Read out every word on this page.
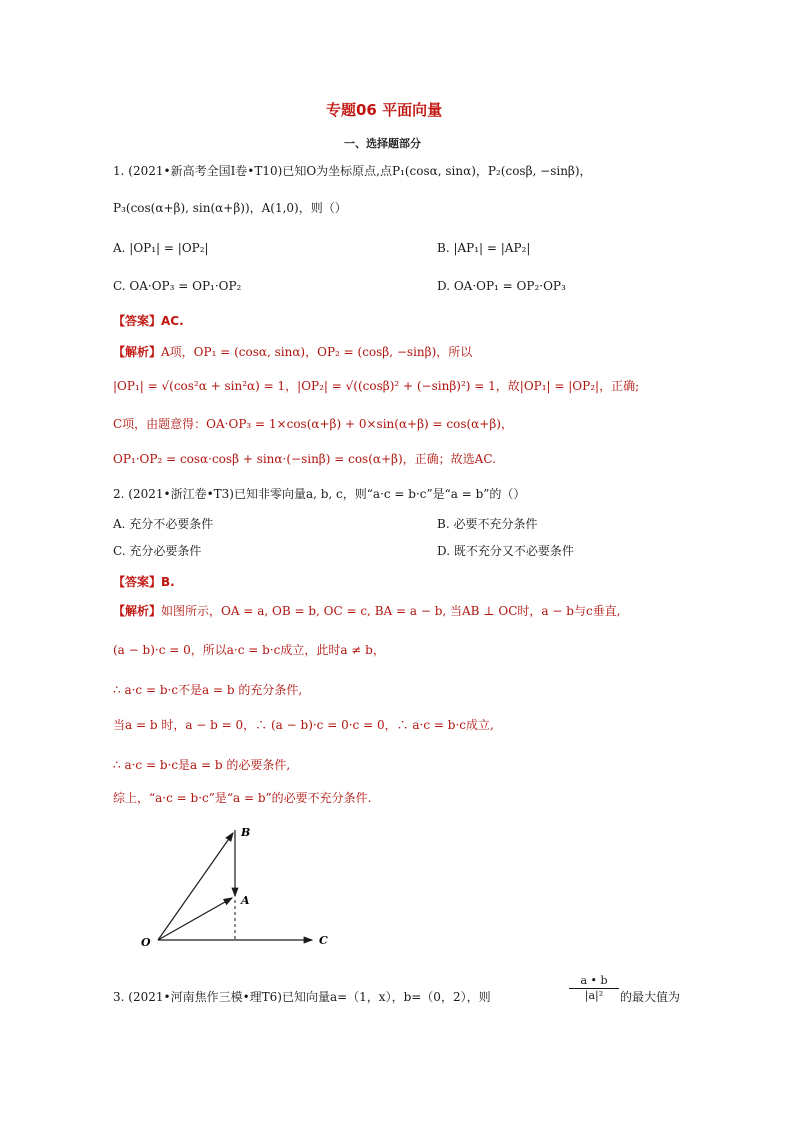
专题06 平面向量
一、选择题部分
1. (2021•新高考全国Ⅰ卷•T10)已知O为坐标原点,点P₁(cosα, sinα)，P₂(cosβ, −sinβ)，
P₃(cos(α+β), sin(α+β))，A(1,0)，则（）
A. |OP₁| = |OP₂|	B. |AP₁| = |AP₂|
C. OA·OP₃ = OP₁·OP₂	D. OA·OP₁ = OP₂·OP₃
【答案】AC.
【解析】A项，OP₁ = (cosα, sinα)，OP₂ = (cosβ, −sinβ)，所以
|OP₁| = √(cos²α + sin²α) = 1，|OP₂| = √((cosβ)² + (−sinβ)²) = 1，故|OP₁| = |OP₂|，正确;
C项，由题意得：OA·OP₃ = 1×cos(α+β) + 0×sin(α+β) = cos(α+β)，
OP₁·OP₂ = cosα·cosβ + sinα·(−sinβ) = cos(α+β)，正确；故选AC.
2. (2021•浙江卷•T3)已知非零向量a, b, c，则“a·c = b·c”是“a = b”的（）
A. 充分不必要条件	B. 必要不充分条件
C. 充分必要条件	D. 既不充分又不必要条件
【答案】B.
【解析】如图所示，OA = a, OB = b, OC = c, BA = a − b, 当AB ⊥ OC时，a − b与c垂直,
(a − b)·c = 0，所以a·c = b·c成立，此时a ≠ b，
∴ a·c = b·c不是a = b 的充分条件,
当a = b 时，a − b = 0，∴ (a − b)·c = 0·c = 0，∴ a·c = b·c成立,
∴ a·c = b·c是a = b 的必要条件,
综上，“a·c = b·c”是“a = b”的必要不充分条件.
B
A
O	C
3. (2021•河南焦作三模•理T6)已知向量a=（1，x），b=（0，2），则	$\frac{a • b}{\text{|a|²}}$ 的最大值为
